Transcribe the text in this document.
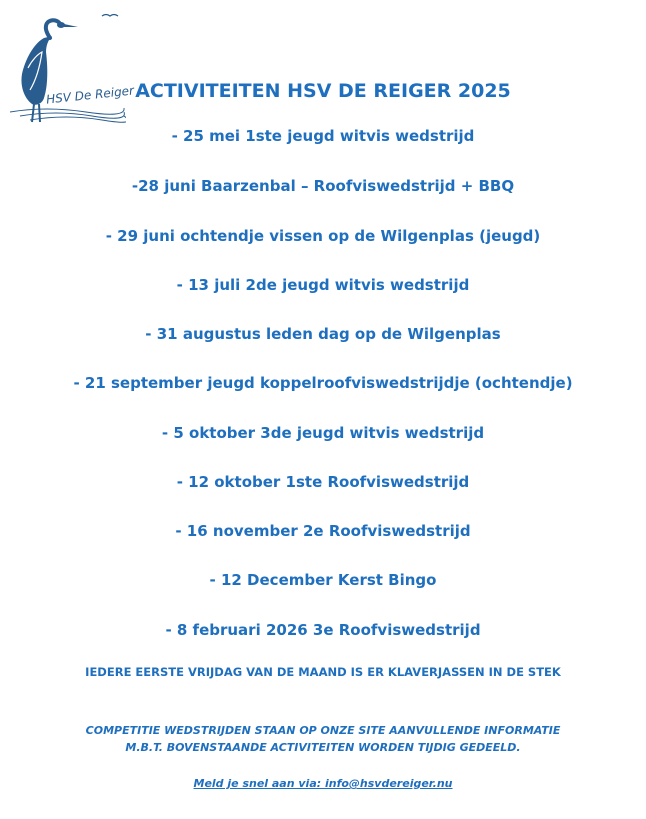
HSV De Reiger ACTIVITEITEN HSV DE REIGER 2025
- 25 mei 1ste jeugd witvis wedstrijd
-28 juni Baarzenbal – Roofviswedstrijd + BBQ
- 29 juni ochtendje vissen op de Wilgenplas (jeugd)
- 13 juli 2de jeugd witvis wedstrijd
- 31 augustus leden dag op de Wilgenplas
- 21 september jeugd koppelroofviswedstrijdje (ochtendje)
- 5 oktober 3de jeugd witvis wedstrijd
- 12 oktober 1ste Roofviswedstrijd
- 16 november 2e Roofviswedstrijd
- 12 December Kerst Bingo
- 8 februari 2026 3e Roofviswedstrijd
IEDERE EERSTE VRIJDAG VAN DE MAAND IS ER KLAVERJASSEN IN DE STEK
COMPETITIE WEDSTRIJDEN STAAN OP ONZE SITE AANVULLENDE INFORMATIE M.B.T. BOVENSTAANDE ACTIVITEITEN WORDEN TIJDIG GEDEELD.
Meld je snel aan via: info@hsvdereiger.nu
